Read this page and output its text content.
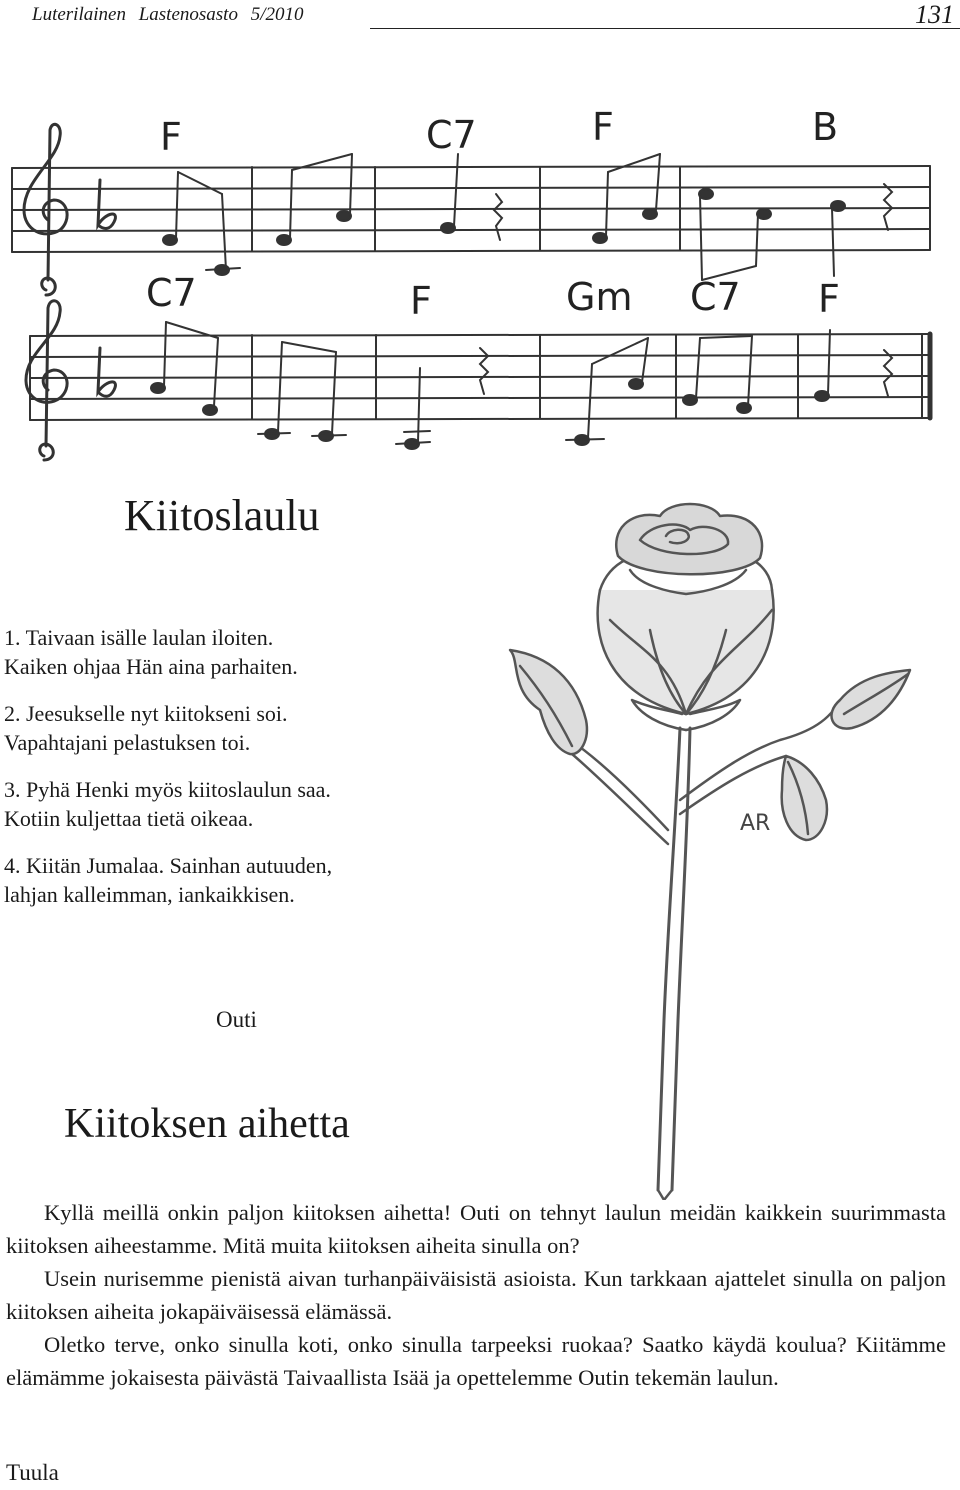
Luterilainen Lastenosasto 5/2010	131
F	C7	F	B
C7	F	Gm C7 F
Kiitoslaulu
1. Taivaan isälle laulan iloiten.
Kaiken ohjaa Hän aina parhaiten.
2. Jeesukselle nyt kiitokseni soi.
Vapahtajani pelastuksen toi.
3. Pyhä Henki myös kiitoslaulun saa.
Kotiin kuljettaa tietä oikeaa.
4. Kiitän Jumalaa. Sainhan autuuden,
lahjan kalleimman, iankaikkisen.
Outi
AR
Kiitoksen aihetta

Kyllä meillä onkin paljon kiitoksen aihetta! Outi on tehnyt laulun meidän kaikkein suurimmasta kiitoksen aiheestamme. Mitä muita kiitoksen aiheita sinulla on?

Usein nurisemme pienistä aivan turhanpäiväisistä asioista. Kun tarkkaan ajattelet sinulla on paljon kiitoksen aiheita jokapäiväisessä elämässä.

Oletko terve, onko sinulla koti, onko sinulla tarpeeksi ruokaa? Saatko käydä koulua? Kiitämme elämämme jokaisesta päivästä Taivaallista Isää ja opettelemme Outin tekemän laulun.

Tuula
